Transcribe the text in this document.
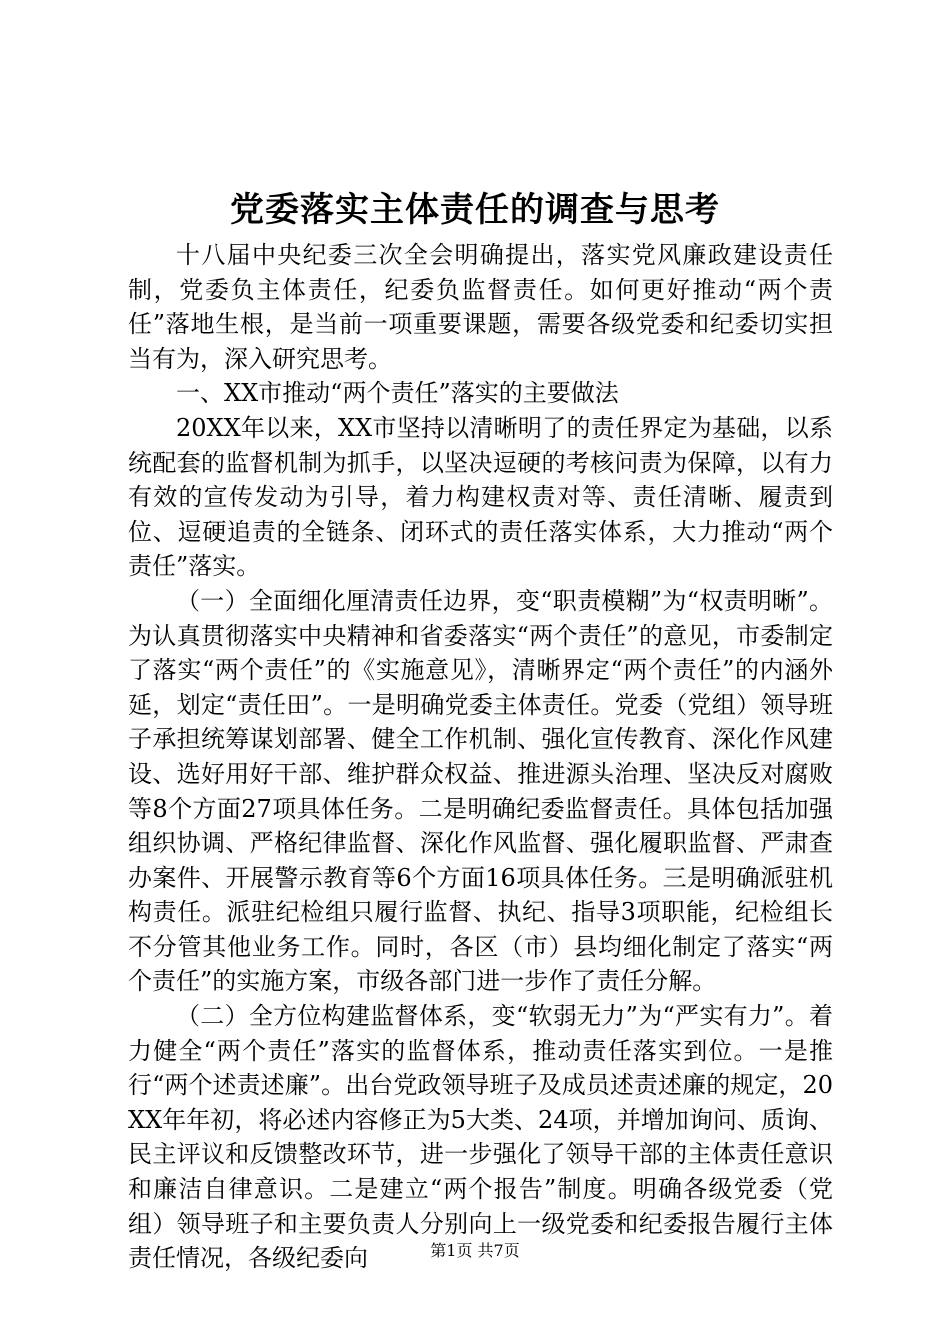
党委落实主体责任的调查与思考

十八届中央纪委三次全会明确提出，落实党风廉政建设责任制，党委负主体责任，纪委负监督责任。如何更好推动“两个责任”落地生根，是当前一项重要课题，需要各级党委和纪委切实担当有为，深入研究思考。

一、XX市推动“两个责任”落实的主要做法

20XX年以来，XX市坚持以清晰明了的责任界定为基础，以系统配套的监督机制为抓手，以坚决逗硬的考核问责为保障，以有力有效的宣传发动为引导，着力构建权责对等、责任清晰、履责到位、逗硬追责的全链条、闭环式的责任落实体系，大力推动“两个责任”落实。

（一）全面细化厘清责任边界，变“职责模糊”为“权责明晰”。为认真贯彻落实中央精神和省委落实“两个责任”的意见，市委制定了落实“两个责任”的《实施意见》，清晰界定“两个责任”的内涵外延，划定“责任田”。一是明确党委主体责任。党委（党组）领导班子承担统筹谋划部署、健全工作机制、强化宣传教育、深化作风建设、选好用好干部、维护群众权益、推进源头治理、坚决反对腐败等8个方面27项具体任务。二是明确纪委监督责任。具体包括加强组织协调、严格纪律监督、深化作风监督、强化履职监督、严肃查办案件、开展警示教育等6个方面16项具体任务。三是明确派驻机构责任。派驻纪检组只履行监督、执纪、指导3项职能，纪检组长不分管其他业务工作。同时，各区（市）县均细化制定了落实“两个责任”的实施方案，市级各部门进一步作了责任分解。

（二）全方位构建监督体系，变“软弱无力”为“严实有力”。着力健全“两个责任”落实的监督体系，推动责任落实到位。一是推行“两个述责述廉”。出台党政领导班子及成员述责述廉的规定，20XX年年初，将必述内容修正为5大类、24项，并增加询问、质询、民主评议和反馈整改环节，进一步强化了领导干部的主体责任意识和廉洁自律意识。二是建立“两个报告”制度。明确各级党委（党组）领导班子和主要负责人分别向上一级党委和纪委报告履行主体责任情况，各级纪委向	第1页 共7页
